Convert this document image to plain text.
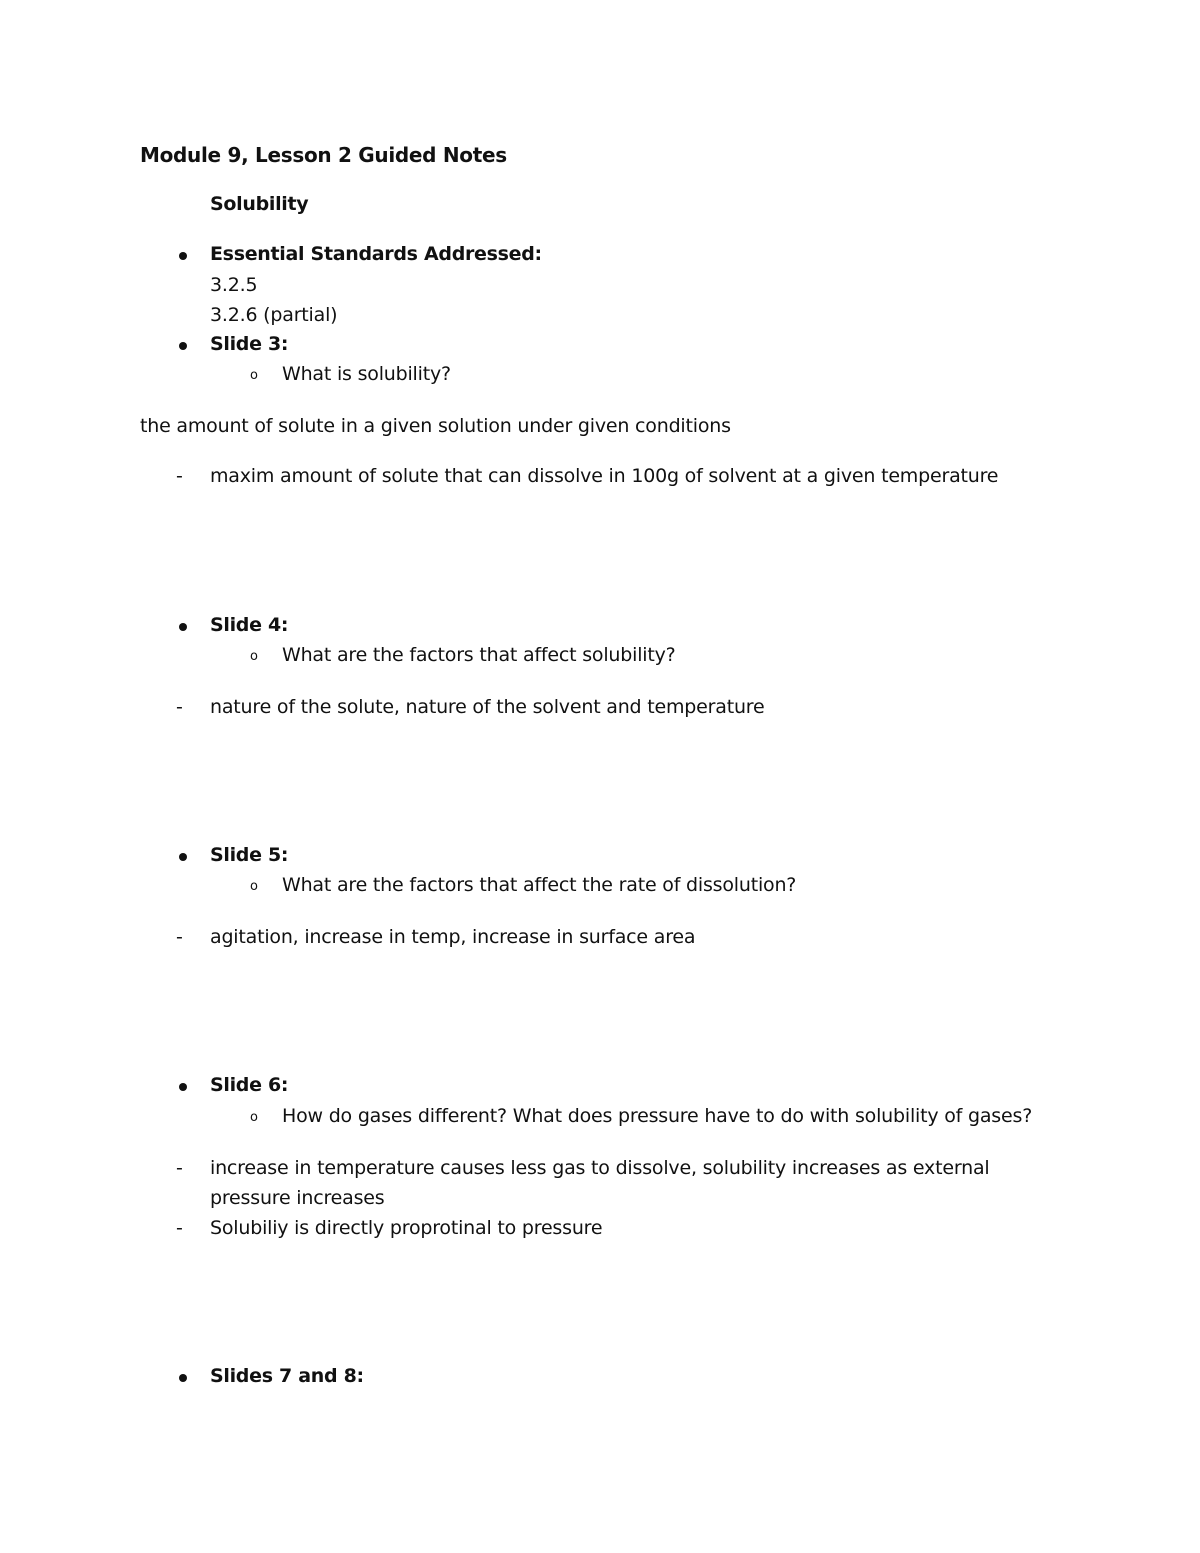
Module 9, Lesson 2 Guided Notes
Solubility
Essential Standards Addressed:
3.2.5
3.2.6 (partial)
Slide 3:
o What is solubility?
the amount of solute in a given solution under given conditions
- maxim amount of solute that can dissolve in 100g of solvent at a given temperature
Slide 4:
o What are the factors that affect solubility?
- nature of the solute, nature of the solvent and temperature
Slide 5:
o What are the factors that affect the rate of dissolution?
- agitation, increase in temp, increase in surface area
Slide 6:
o How do gases different? What does pressure have to do with solubility of gases?
- increase in temperature causes less gas to dissolve, solubility increases as external
pressure increases
- Solubiliy is directly proprotinal to pressure
Slides 7 and 8:
